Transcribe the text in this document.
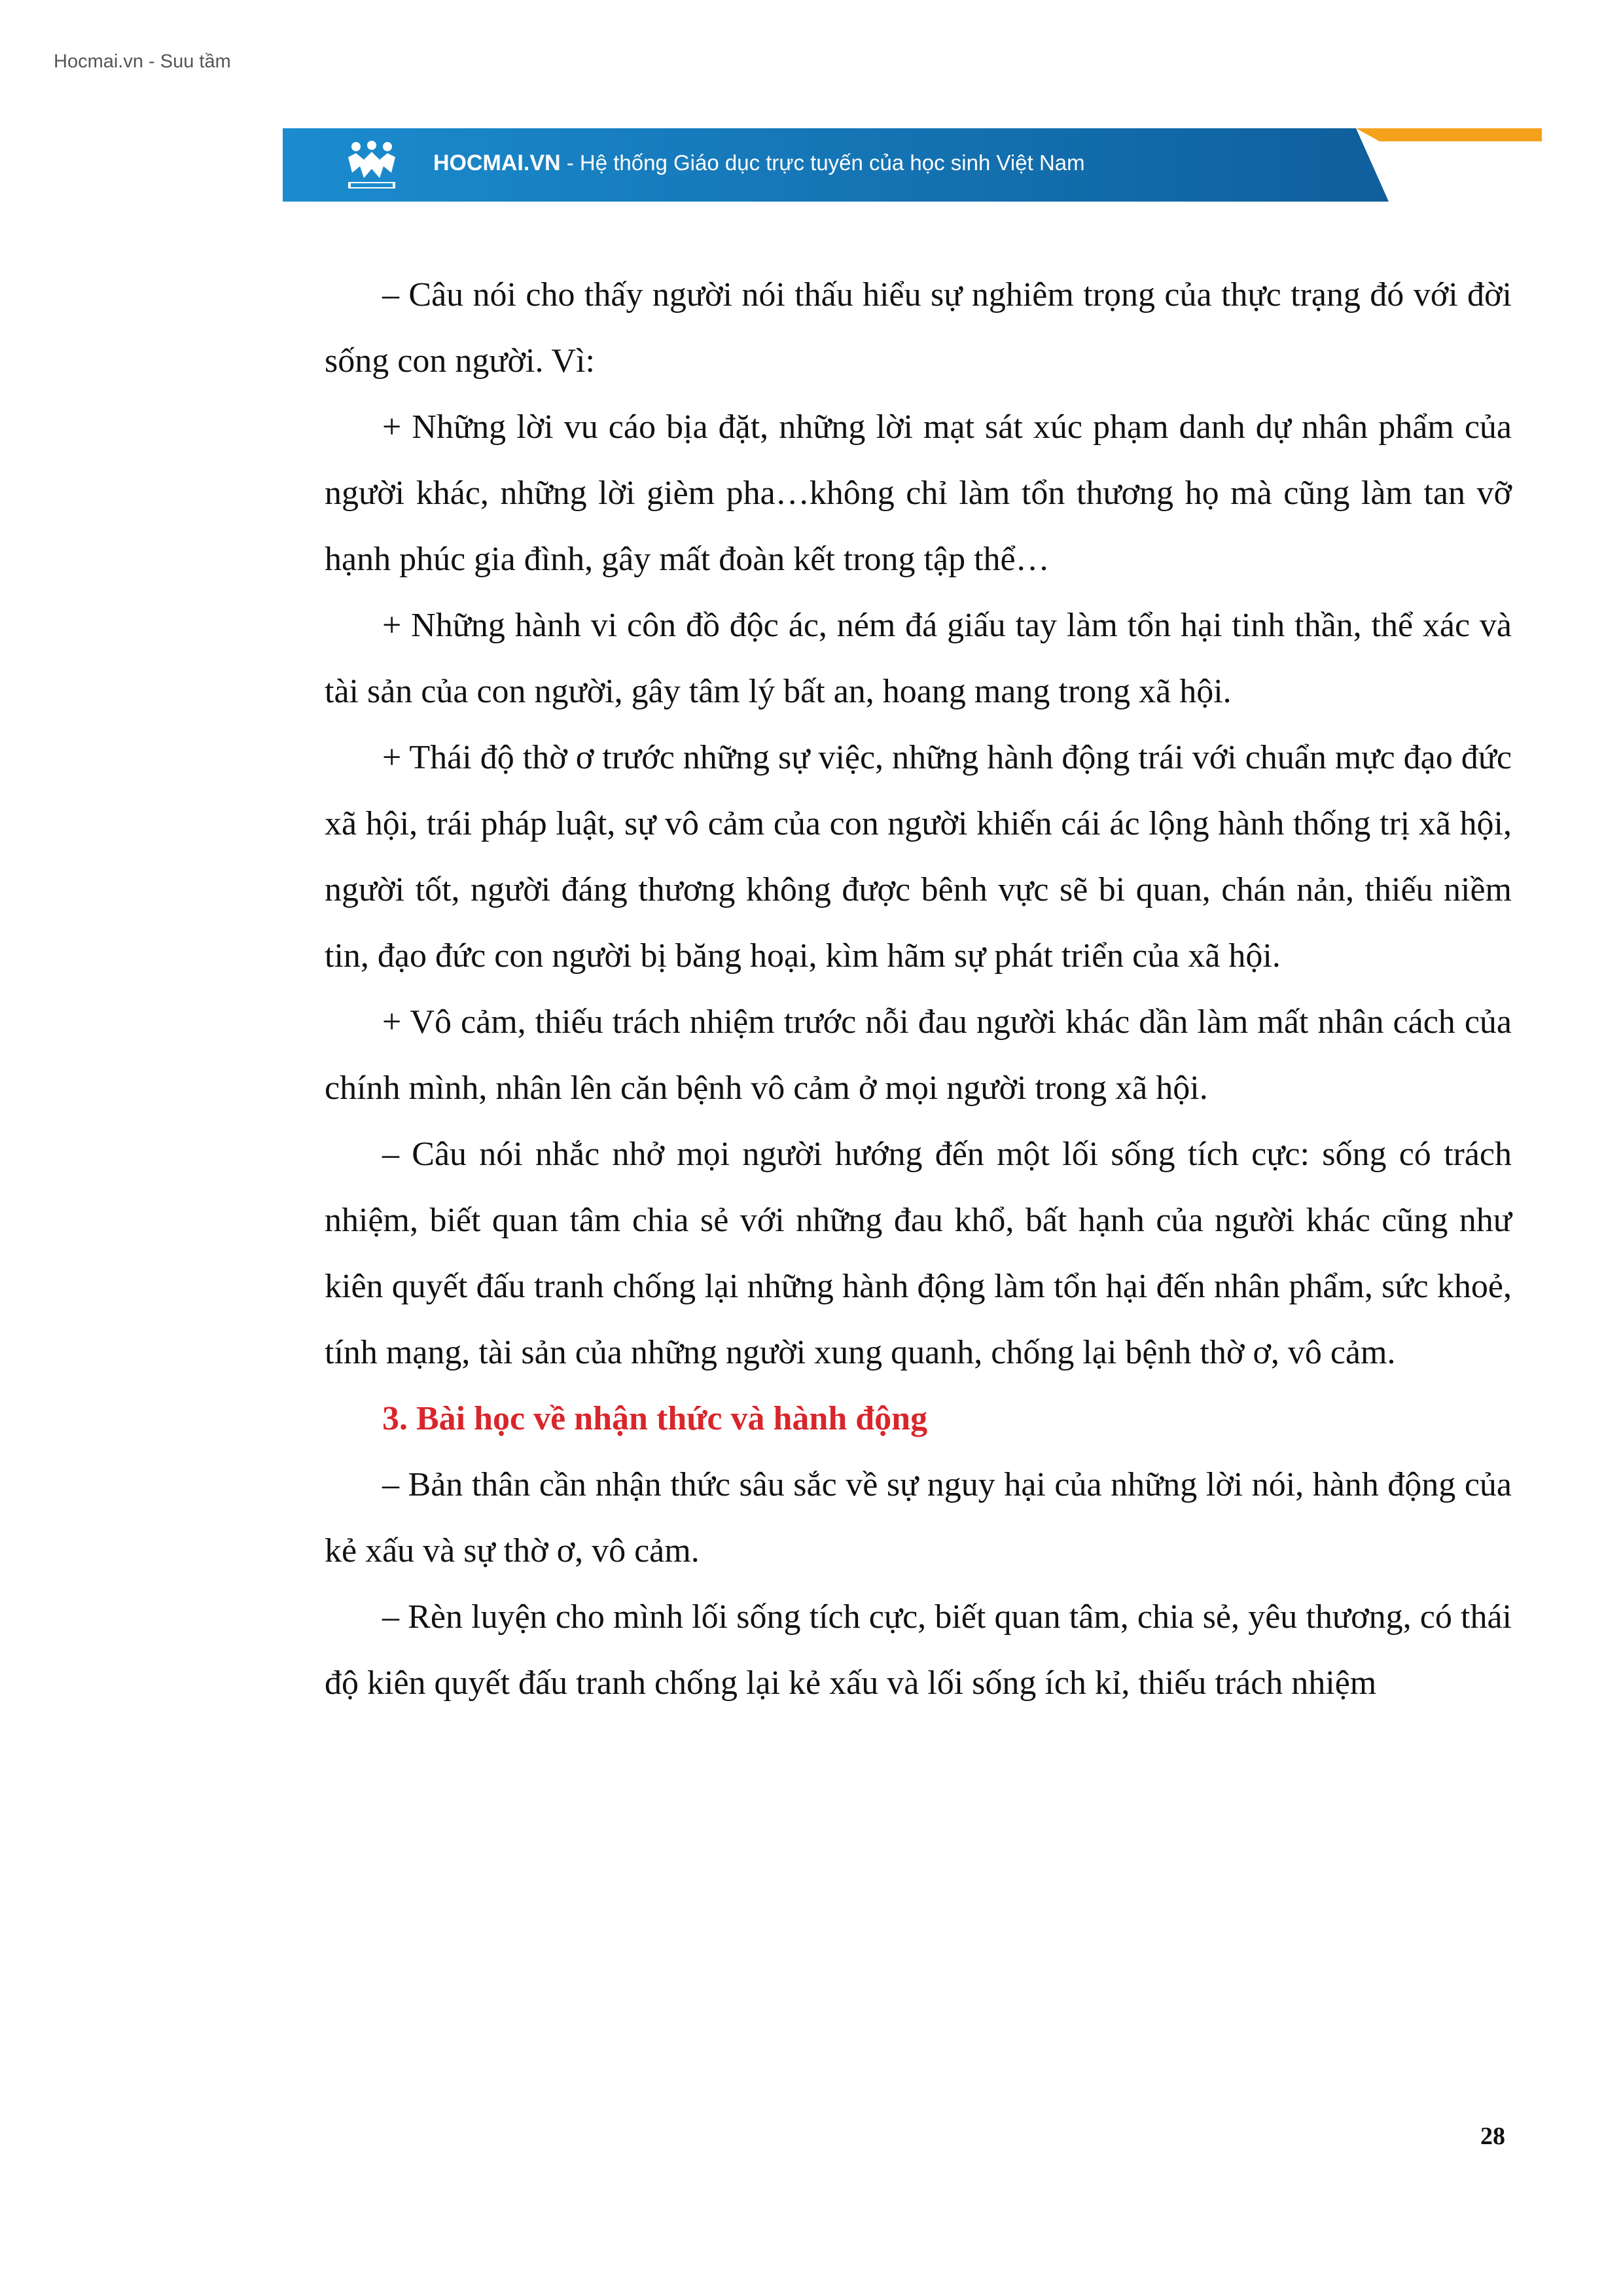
Hocmai.vn - Suu tầm
HOCMAI.VN - Hệ thống Giáo dục trực tuyến của học sinh Việt Nam

– Câu nói cho thấy người nói thấu hiểu sự nghiêm trọng của thực trạng đó với đời sống con người. Vì:

+ Những lời vu cáo bịa đặt, những lời mạt sát xúc phạm danh dự nhân phẩm của người khác, những lời gièm pha…không chỉ làm tổn thương họ mà cũng làm tan vỡ hạnh phúc gia đình, gây mất đoàn kết trong tập thể…

+ Những hành vi côn đồ độc ác, ném đá giấu tay làm tổn hại tinh thần, thể xác và tài sản của con người, gây tâm lý bất an, hoang mang trong xã hội.

+ Thái độ thờ ơ trước những sự việc, những hành động trái với chuẩn mực đạo đức xã hội, trái pháp luật, sự vô cảm của con người khiến cái ác lộng hành thống trị xã hội, người tốt, người đáng thương không được bênh vực sẽ bi quan, chán nản, thiếu niềm tin, đạo đức con người bị băng hoại, kìm hãm sự phát triển của xã hội.

+ Vô cảm, thiếu trách nhiệm trước nỗi đau người khác dần làm mất nhân cách của chính mình, nhân lên căn bệnh vô cảm ở mọi người trong xã hội.

– Câu nói nhắc nhở mọi người hướng đến một lối sống tích cực: sống có trách nhiệm, biết quan tâm chia sẻ với những đau khổ, bất hạnh của người khác cũng như kiên quyết đấu tranh chống lại những hành động làm tổn hại đến nhân phẩm, sức khoẻ, tính mạng, tài sản của những người xung quanh, chống lại bệnh thờ ơ, vô cảm.

3. Bài học về nhận thức và hành động

– Bản thân cần nhận thức sâu sắc về sự nguy hại của những lời nói, hành động của kẻ xấu và sự thờ ơ, vô cảm.

– Rèn luyện cho mình lối sống tích cực, biết quan tâm, chia sẻ, yêu thương, có thái độ kiên quyết đấu tranh chống lại kẻ xấu và lối sống ích kỉ, thiếu trách nhiệm

28
